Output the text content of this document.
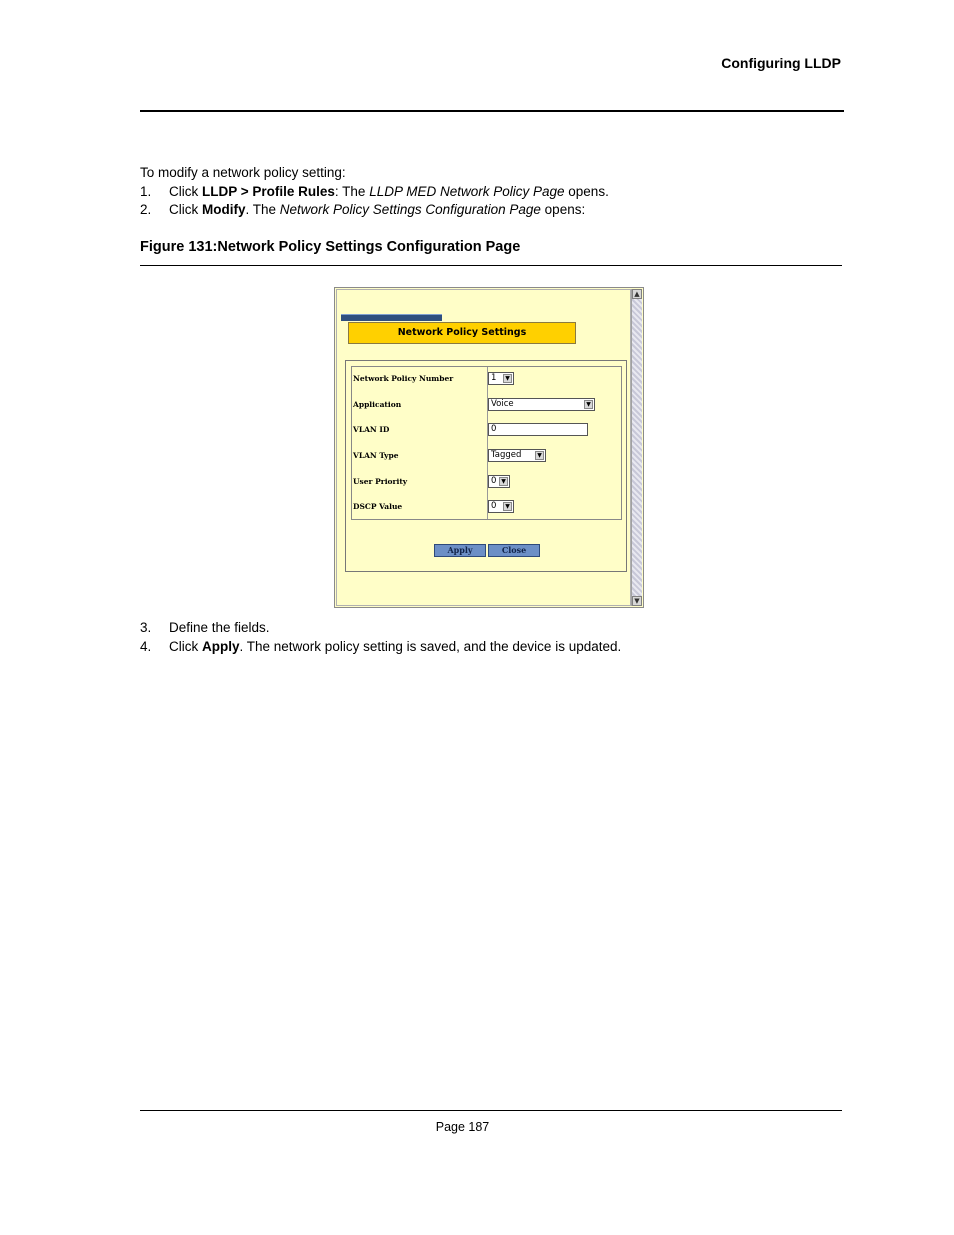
Configuring LLDP
To modify a network policy setting:
1. Click LLDP > Profile Rules: The LLDP MED Network Policy Page opens.
2. Click Modify. The Network Policy Settings Configuration Page opens:
Figure 131:Network Policy Settings Configuration Page
Network Policy Settings
Network Policy Number	1	▼
Application	Voice	▼
VLAN ID	0
VLAN Type	Tagged	▼
User Priority	0 ▼
DSCP Value	0	▼
Apply	Close
▲
▼
3. Define the fields.
4. Click Apply. The network policy setting is saved, and the device is updated.
Page 187
